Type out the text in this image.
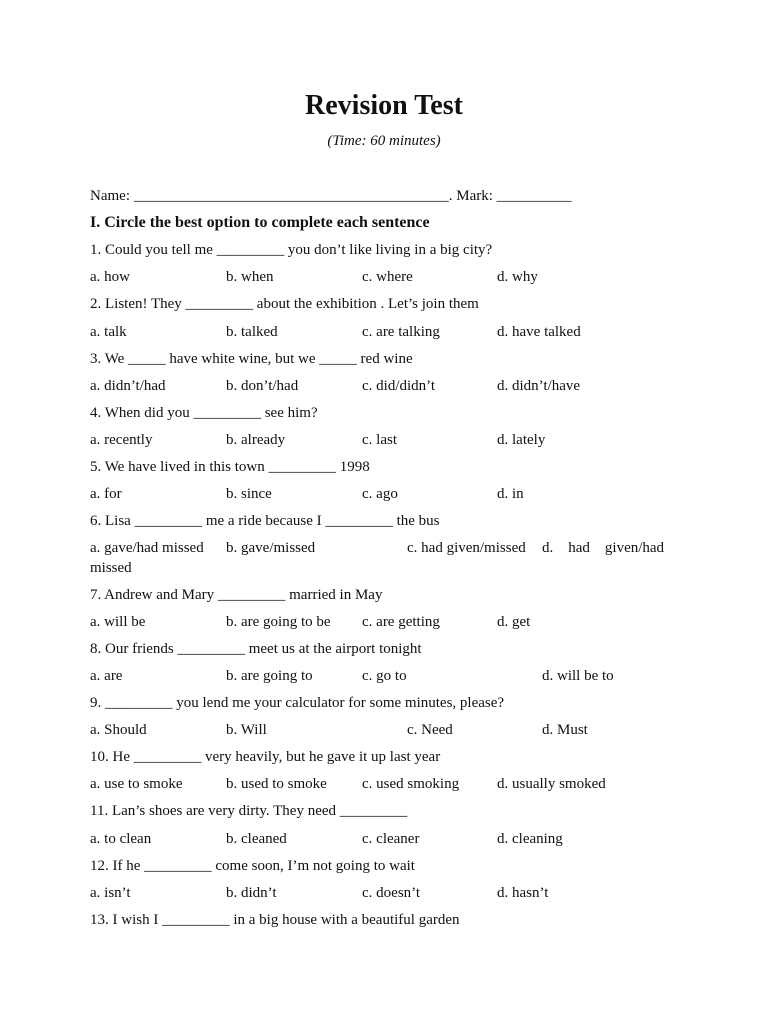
Revision Test
(Time: 60 minutes)
Name: __________________________________________. Mark: __________
I. Circle the best option to complete each sentence
1. Could you tell me _________ you don’t like living in a big city?
a. how	b. when	c. where	d. why
2. Listen! They _________ about the exhibition . Let’s join them
a. talk	b. talked	c. are talking	d. have talked
3. We _____ have white wine, but we _____ red wine
a. didn’t/had	b. don’t/had	c. did/didn’t	d. didn’t/have
4. When did you _________ see him?
a. recently	b. already	c. last	d. lately
5. We have lived in this town _________ 1998
a. for	b. since	c. ago	d. in
6. Lisa _________ me a ride because I _________ the bus
a. gave/had missed b. gave/missed	c. had given/missed d.    had    given/had
missed
7. Andrew and Mary _________ married in May
a. will be	b. are going to be c. are getting	d. get
8. Our friends _________ meet us at the airport tonight
a. are	b. are going to	c. go to	d. will be to
9. _________ you lend me your calculator for some minutes, please?
a. Should	b. Will	c. Need	d. Must
10. He _________ very heavily, but he gave it up last year
a. use to smoke	b. used to smoke c. used smoking	d. usually smoked
11. Lan’s shoes are very dirty. They need _________
a. to clean	b. cleaned	c. cleaner	d. cleaning
12. If he _________ come soon, I’m not going to wait
a. isn’t	b. didn’t	c. doesn’t	d. hasn’t
13. I wish I _________ in a big house with a beautiful garden
